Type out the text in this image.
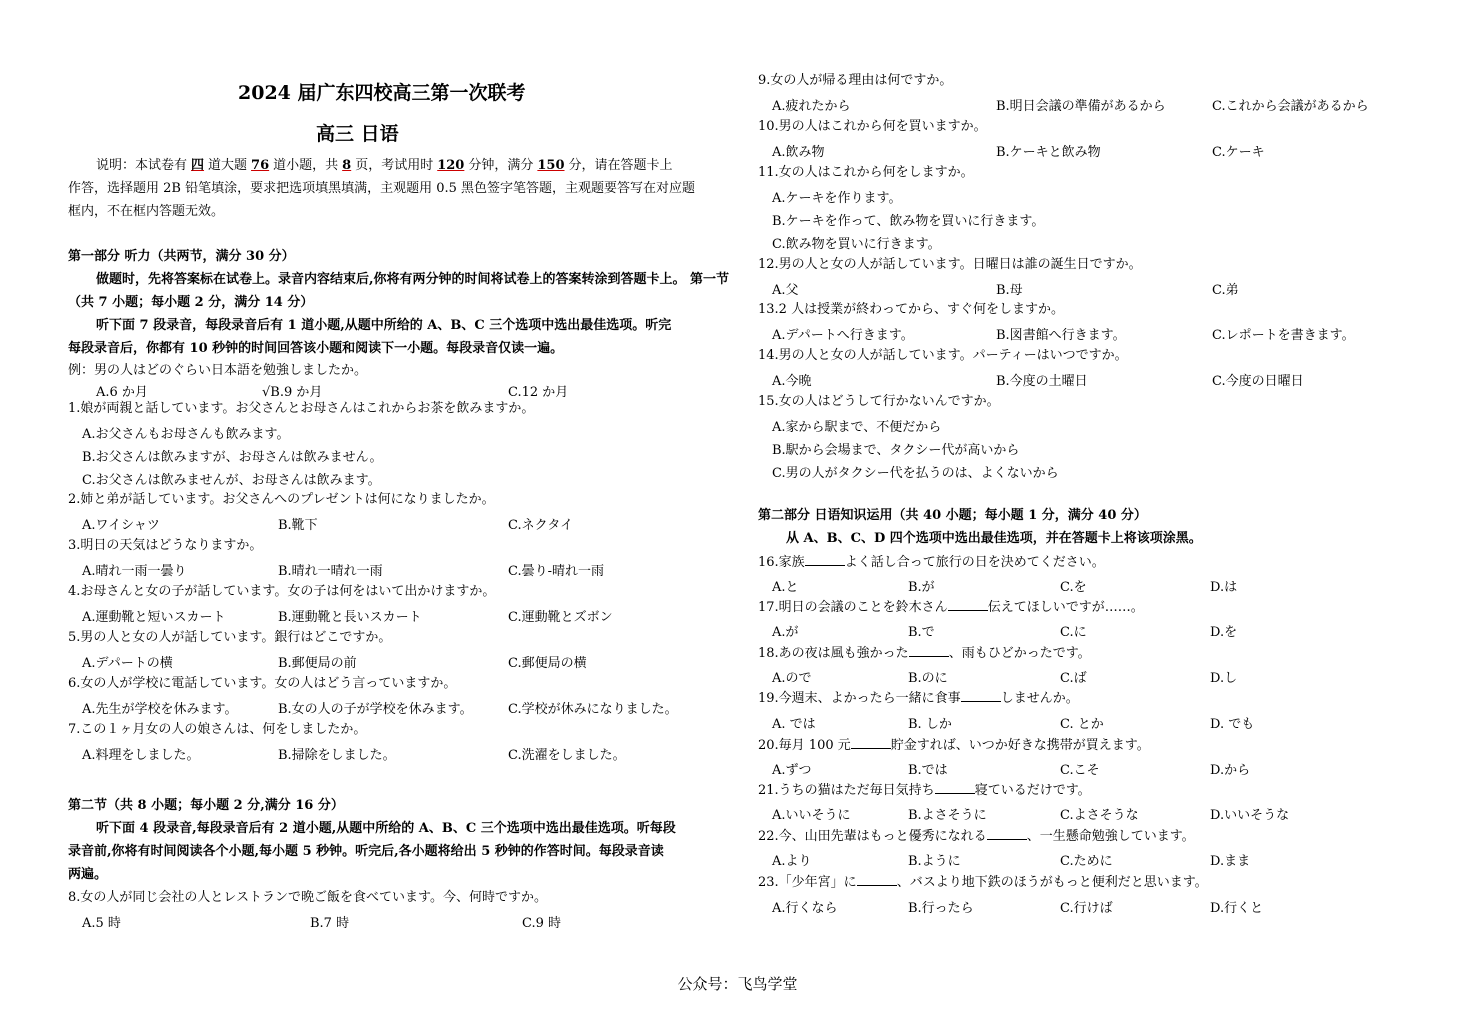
2024 届广东四校高三第一次联考
高三 日语
说明：本试卷有 四 道大题 76 道小题，共 8 页，考试用时 120 分钟，满分 150 分，请在答题卡上
作答，选择题用 2B 铅笔填涂，要求把选项填黑填满，主观题用 0.5 黑色签字笔答题，主观题要答写在对应题
框内，不在框内答题无效。
第一部分 听力（共两节，满分 30 分）
做题时，先将答案标在试卷上。录音内容结束后,你将有两分钟的时间将试卷上的答案转涂到答题卡上。 第一节
（共 7 小题；每小题 2 分，满分 14 分）
听下面 7 段录音，每段录音后有 1 道小题,从题中所给的 A、B、C 三个选项中选出最佳选项。听完
每段录音后，你都有 10 秒钟的时间回答该小题和阅读下一小题。每段录音仅读一遍。
例：男の人はどのぐらい日本語を勉強しましたか。
A.6 か月	√B.9 か月	C.12 か月
1.娘が両親と話しています。お父さんとお母さんはこれからお茶を飲みますか。
A.お父さんもお母さんも飲みます。
B.お父さんは飲みますが、お母さんは飲みません。
C.お父さんは飲みませんが、お母さんは飲みます。
2.姉と弟が話しています。お父さんへのプレゼントは何になりましたか。
A.ワイシャツ	B.靴下	C.ネクタイ
3.明日の天気はどうなりますか。
A.晴れ一雨一曇り	B.晴れ一晴れ一雨	C.曇り-晴れ一雨
4.お母さんと女の子が話しています。女の子は何をはいて出かけますか。
A.運動靴と短いスカート	B.運動靴と長いスカート	C.運動靴とズボン
5.男の人と女の人が話しています。銀行はどこですか。
A.デパートの横	B.郵便局の前	C.郵便局の横
6.女の人が学校に電話しています。女の人はどう言っていますか。
A.先生が学校を休みます。	B.女の人の子が学校を休みます。	C.学校が休みになりました。
7.この１ヶ月女の人の娘さんは、何をしましたか。
A.料理をしました。	B.掃除をしました。	C.洗濯をしました。
第二节（共 8 小题；每小题 2 分,满分 16 分）
听下面 4 段录音,每段录音后有 2 道小题,从题中所给的 A、B、C 三个选项中选出最佳选项。听每段
录音前,你将有时间阅读各个小题,每小题 5 秒钟。听完后,各小题将给出 5 秒钟的作答时间。每段录音读
两遍。
8.女の人が同じ会社の人とレストランで晩ご飯を食べています。今、何時ですか。
A.5 時	B.7 時	C.9 時
9.女の人が帰る理由は何ですか。
A.疲れたから	B.明日会議の準備があるから	C.これから会議があるから
10.男の人はこれから何を買いますか。
A.飲み物	B.ケーキと飲み物	C.ケーキ
11.女の人はこれから何をしますか。
A.ケーキを作ります。
B.ケーキを作って、飲み物を買いに行きます。
C.飲み物を買いに行きます。
12.男の人と女の人が話しています。日曜日は誰の誕生日ですか。
A.父	B.母	C.弟
13.2 人は授業が終わってから、すぐ何をしますか。
A.デパートへ行きます。	B.図書館へ行きます。	C.レポートを書きます。
14.男の人と女の人が話しています。パーティーはいつですか。
A.今晩	B.今度の土曜日	C.今度の日曜日
15.女の人はどうして行かないんですか。
A.家から駅まで、不便だから
B.駅から会場まで、タクシー代が高いから
C.男の人がタクシー代を払うのは、よくないから
第二部分 日语知识运用（共 40 小题；每小题 1 分，满分 40 分）
从 A、B、C、D 四个选项中选出最佳选项，并在答题卡上将该项涂黑。
16.家族	よく話し合って旅行の日を決めてください。
A.と	B.が	C.を	D.は
17.明日の会議のことを鈴木さん	伝えてほしいですが……。
A.が	B.で	C.に	D.を
18.あの夜は風も強かった	、雨もひどかったです。
A.ので	B.のに	C.ば	D.し
19.今週末、よかったら一緒に食事	しませんか。
A. では	B. しか	C. とか	D. でも
20.毎月 100 元	貯金すれば、いつか好きな携帯が買えます。
A.ずつ	B.では	C.こそ	D.から
21.うちの猫はただ毎日気持ち	寝ているだけです。
A.いいそうに	B.よさそうに	C.よさそうな	D.いいそうな
22.今、山田先輩はもっと優秀になれる	、一生懸命勉強しています。
A.より	B.ように	C.ために	D.まま
23.「少年宮」に	、バスより地下鉄のほうがもっと便利だと思います。
A.行くなら	B.行ったら	C.行けば	D.行くと
公众号：飞鸟学堂
